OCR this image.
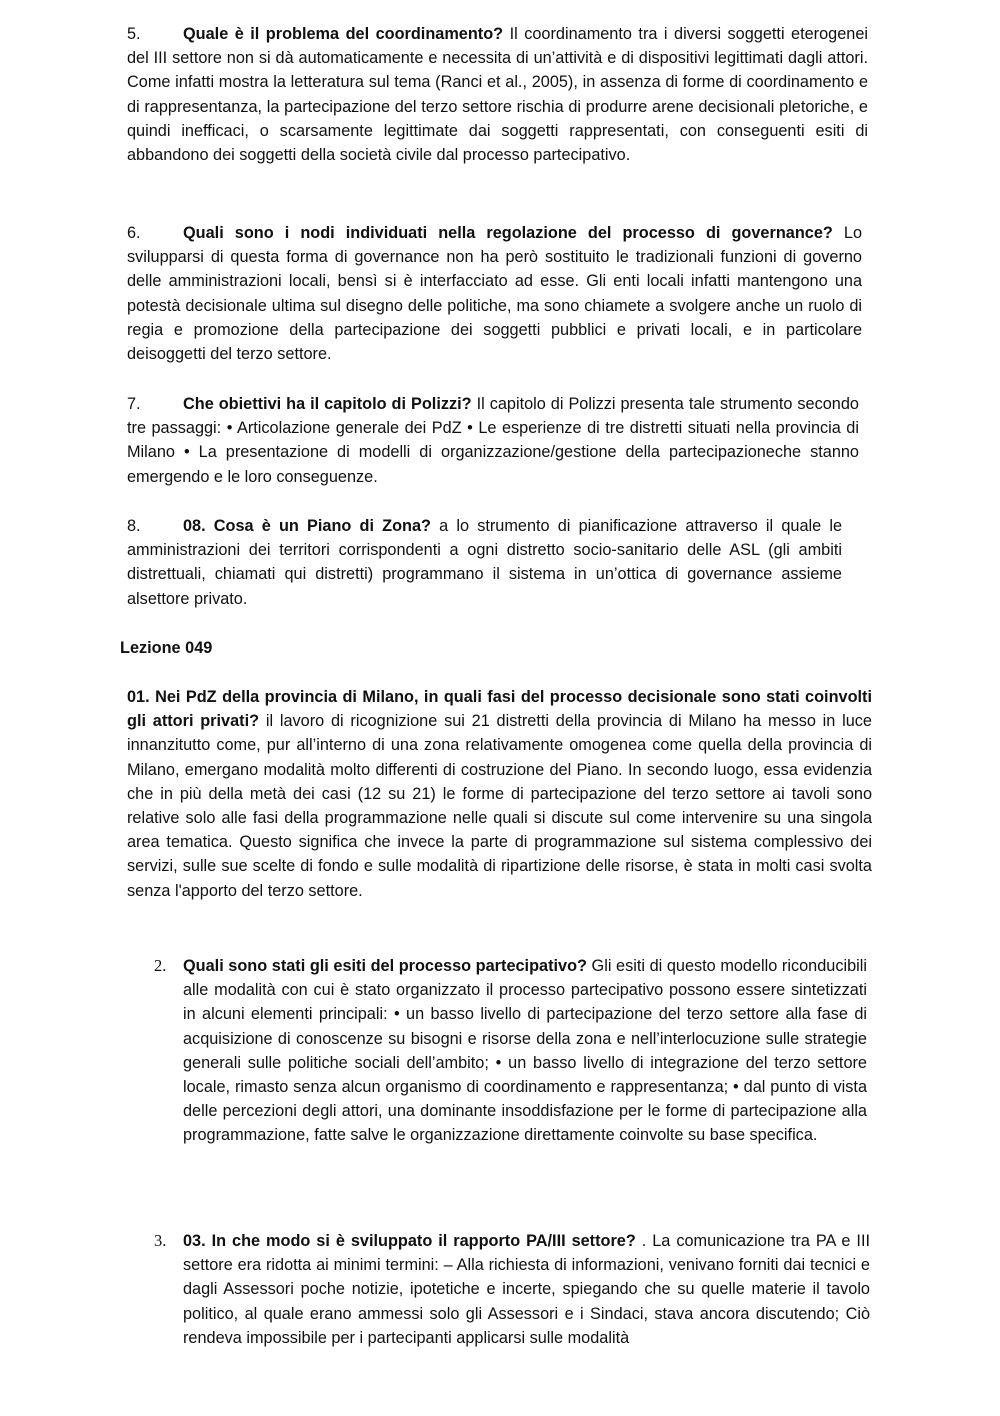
5.	Quale è il problema del coordinamento? Il coordinamento tra i diversi soggetti eterogenei del III settore non si dà automaticamente e necessita di un’attività e di dispositivi legittimati dagli attori. Come infatti mostra la letteratura sul tema (Ranci et al., 2005), in assenza di forme di coordinamento e di rappresentanza, la partecipazione del terzo settore rischia di produrre arene decisionali pletoriche, e quindi inefficaci, o scarsamente legittimate dai soggetti rappresentati, con conseguenti esiti di abbandono dei soggetti della società civile dal processo partecipativo.

6.	Quali sono i nodi individuati nella regolazione del processo di governance? Lo svilupparsi di questa forma di governance non ha però sostituito le tradizionali funzioni di governo delle amministrazioni locali, bensì si è interfacciato ad esse. Gli enti locali infatti mantengono una potestà decisionale ultima sul disegno delle politiche, ma sono chiamete a svolgere anche un ruolo di regia e promozione della partecipazione dei soggetti pubblici e privati locali, e in particolare deisoggetti del terzo settore.

7.	Che obiettivi ha il capitolo di Polizzi? Il capitolo di Polizzi presenta tale strumento secondo tre passaggi: • Articolazione generale dei PdZ • Le esperienze di tre distretti situati nella provincia di Milano • La presentazione di modelli di organizzazione/gestione della partecipazioneche stanno emergendo e le loro conseguenze.

8.	08. Cosa è un Piano di Zona? a lo strumento di pianificazione attraverso il quale le amministrazioni dei territori corrispondenti a ogni distretto socio-sanitario delle ASL (gli ambiti distrettuali, chiamati qui distretti) programmano il sistema in un’ottica di governance assieme alsettore privato.

Lezione 049

01. Nei PdZ della provincia di Milano, in quali fasi del processo decisionale sono stati coinvolti gli attori privati? il lavoro di ricognizione sui 21 distretti della provincia di Milano ha messo in luce innanzitutto come, pur all’interno di una zona relativamente omogenea come quella della provincia di Milano, emergano modalità molto differenti di costruzione del Piano. In secondo luogo, essa evidenzia che in più della metà dei casi (12 su 21) le forme di partecipazione del terzo settore ai tavoli sono relative solo alle fasi della programmazione nelle quali si discute sul come intervenire su una singola area tematica. Questo significa che invece la parte di programmazione sul sistema complessivo dei servizi, sulle sue scelte di fondo e sulle modalità di ripartizione delle risorse, è stata in molti casi svolta senza l'apporto del terzo settore.

2. Quali sono stati gli esiti del processo partecipativo? Gli esiti di questo modello riconducibili alle modalità con cui è stato organizzato il processo partecipativo possono essere sintetizzati in alcuni elementi principali: • un basso livello di partecipazione del terzo settore alla fase di acquisizione di conoscenze su bisogni e risorse della zona e nell’interlocuzione sulle strategie generali sulle politiche sociali dell’ambito; • un basso livello di integrazione del terzo settore locale, rimasto senza alcun organismo di coordinamento e rappresentanza; • dal punto di vista delle percezioni degli attori, una dominante insoddisfazione per le forme di partecipazione alla programmazione, fatte salve le organizzazione direttamente coinvolte su base specifica.

3. 03. In che modo si è sviluppato il rapporto PA/III settore? . La comunicazione tra PA e III settore era ridotta ai minimi termini: – Alla richiesta di informazioni, venivano forniti dai tecnici e dagli Assessori poche notizie, ipotetiche e incerte, spiegando che su quelle materie il tavolo politico, al quale erano ammessi solo gli Assessori e i Sindaci, stava ancora discutendo; Ciò rendeva impossibile per i partecipanti applicarsi sulle modalità
